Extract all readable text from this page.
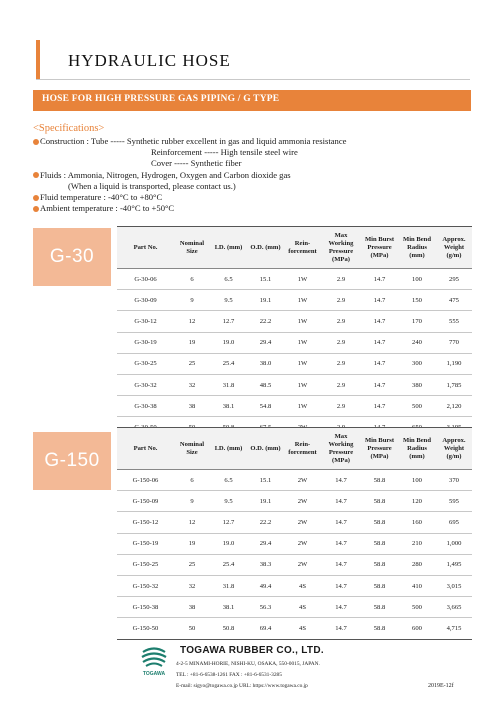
HYDRAULIC HOSE
HOSE FOR HIGH PRESSURE GAS PIPING / G TYPE
<Specifications>
Construction : Tube ----- Synthetic rubber excellent in gas and liquid ammonia resistance
Reinforcement ----- High tensile steel wire
Cover ----- Synthetic fiber
Fluids : Ammonia, Nitrogen, Hydrogen, Oxygen and Carbon dioxide gas
(When a liquid is transported, please contact us.)
Fluid temperature : -40°C to +80°C
Ambient temperature : -40°C to +50°C
G-30	Part No.	Nominal Size	I.D. (mm)	O.D. (mm)	Rein- forcement	Max Working Pressure (MPa)	Min Burst Pressure (MPa)	Min Bend Radius (mm)	Approx. Weight (g/m)
G-30-06	6	6.5	15.1	1W	2.9	14.7	100	295
G-30-09	9	9.5	19.1	1W	2.9	14.7	150	475
G-30-12	12	12.7	22.2	1W	2.9	14.7	170	555
G-30-19	19	19.0	29.4	1W	2.9	14.7	240	770
G-30-25	25	25.4	38.0	1W	2.9	14.7	300	1,190
G-30-32	32	31.8	48.5	1W	2.9	14.7	380	1,785
G-30-38	38	38.1	54.8	1W	2.9	14.7	500	2,120

G-150
Part No.	Nominal Size	I.D. (mm)	O.D. (mm)	Rein- forcement	Max Working Pressure (MPa)	Min Burst Pressure (MPa)	Min Bend Radius (mm)	Approx. Weight (g/m)
G-150-06	6	6.5	15.1	2W	14.7	58.8	100	370
G-150-09	9	9.5	19.1	2W	14.7	58.8	120	595
G-150-12	12	12.7	22.2	2W	14.7	58.8	160	695
G-150-19	19	19.0	29.4	2W	14.7	58.8	210	1,000
G-150-25	25	25.4	38.3	2W	14.7	58.8	280	1,495
G-150-32	32	31.8	49.4	4S	14.7	58.8	410	3,015
G-150-38	38	38.1	56.3	4S	14.7	58.8	500	3,665
G-150-50	50	50.8	69.4	4S	14.7	58.8	600	4,715
TOGAWA
TOGAWA RUBBER CO., LTD.
4-2-5 MINAMI-HORIE, NISHI-KU, OSAKA, 550-0015, JAPAN.
TEL : +81-6-6538-1261 FAX : +81-6-6531-3285
E-mail: sigyo@togawa.co.jp URL: https://www.togawa.co.jp	2019E-12f
